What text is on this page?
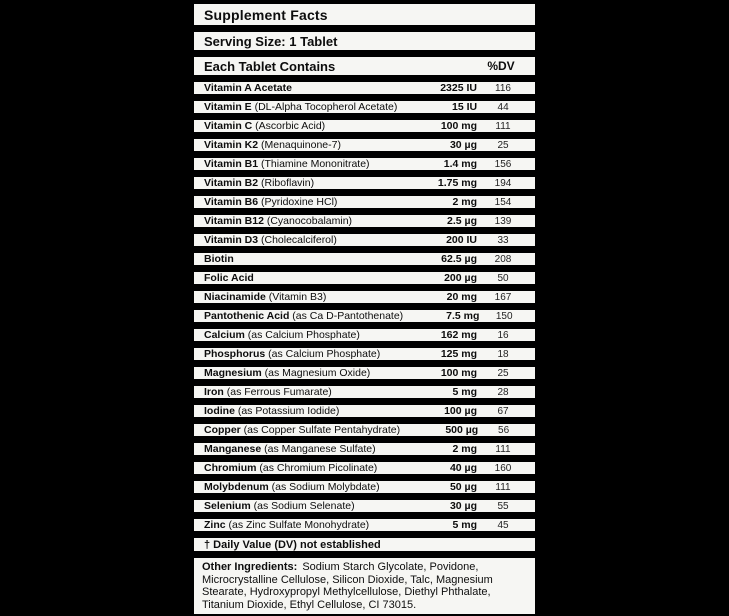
Supplement Facts
Serving Size: 1 Tablet
Each Tablet Contains	%DV
Vitamin A Acetate	2325 IU	116
Vitamin E (DL-Alpha Tocopherol Acetate)	15 IU	44
Vitamin C (Ascorbic Acid)	100 mg	111
Vitamin K2 (Menaquinone-7)	30 µg	25
Vitamin B1 (Thiamine Mononitrate)	1.4 mg	156
Vitamin B2 (Riboflavin)	1.75 mg	194
Vitamin B6 (Pyridoxine HCl)	2 mg	154
Vitamin B12 (Cyanocobalamin)	2.5 µg	139
Vitamin D3 (Cholecalciferol)	200 IU	33
Biotin	62.5 µg	208
Folic Acid	200 µg	50
Niacinamide (Vitamin B3)	20 mg	167
Pantothenic Acid (as Ca D-Pantothenate)	7.5 mg	150
Calcium (as Calcium Phosphate)	162 mg	16
Phosphorus (as Calcium Phosphate)	125 mg	18
Magnesium (as Magnesium Oxide)	100 mg	25
Iron (as Ferrous Fumarate)	5 mg	28
Iodine (as Potassium Iodide)	100 µg	67
Copper (as Copper Sulfate Pentahydrate)	500 µg	56
Manganese (as Manganese Sulfate)	2 mg	111
Chromium (as Chromium Picolinate)	40 µg	160
Molybdenum (as Sodium Molybdate)	50 µg	111
Selenium (as Sodium Selenate)	30 µg	55
Zinc (as Zinc Sulfate Monohydrate)	5 mg	45
† Daily Value (DV) not established
Other Ingredients: Sodium Starch Glycolate, Povidone, Microcrystalline Cellulose, Silicon Dioxide, Talc, Magnesium Stearate, Hydroxypropyl Methylcellulose, Diethyl Phthalate, Titanium Dioxide, Ethyl Cellulose, CI 73015.
